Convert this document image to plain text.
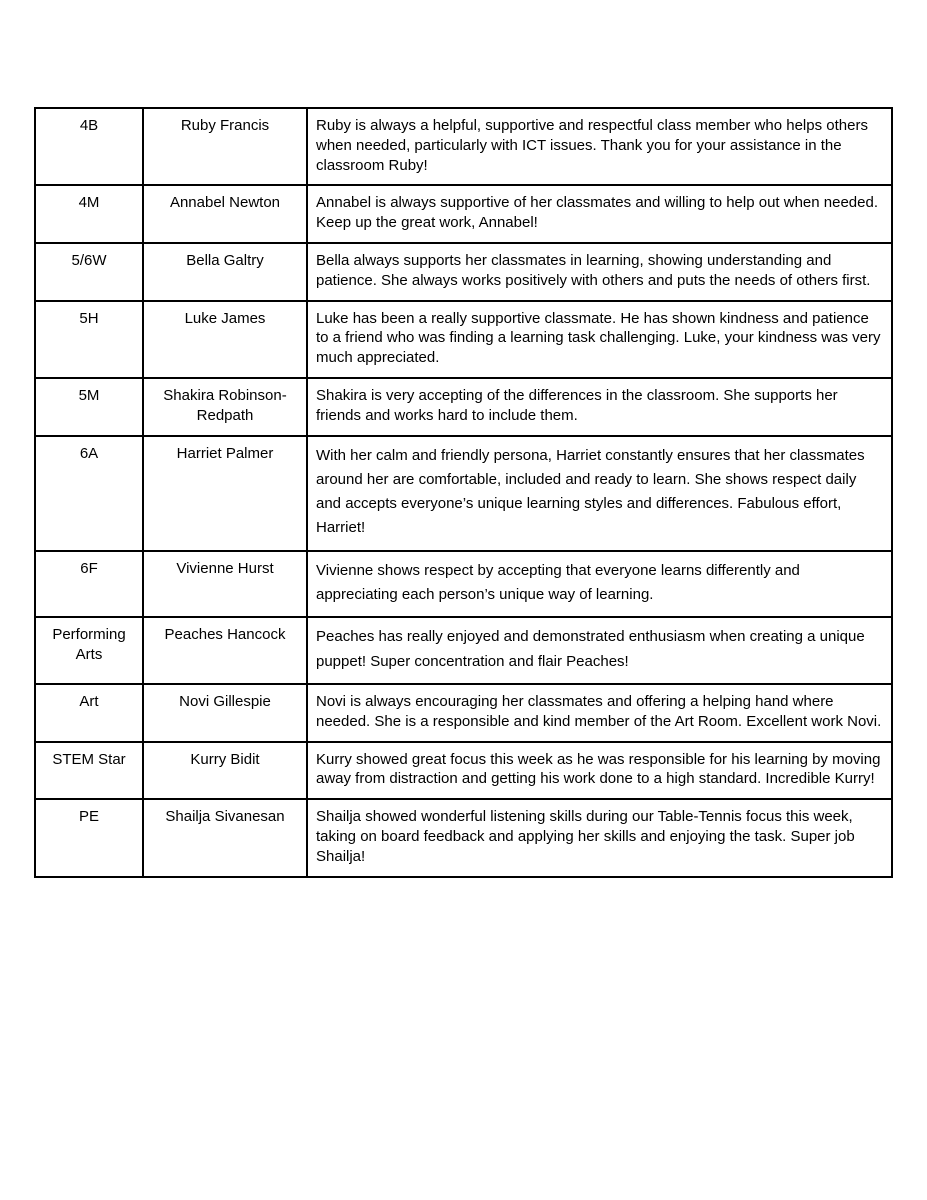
4B	Ruby Francis	Ruby is always a helpful, supportive and respectful class member who helps others when needed, particularly with ICT issues. Thank you for your assistance in the classroom Ruby!
4M	Annabel Newton	Annabel is always supportive of her classmates and willing to help out when needed. Keep up the great work, Annabel!
5/6W	Bella Galtry	Bella always supports her classmates in learning, showing understanding and patience. She always works positively with others and puts the needs of others first.
5H	Luke James	Luke has been a really supportive classmate. He has shown kindness and patience to a friend who was finding a learning task challenging. Luke, your kindness was very much appreciated.
5M	Shakira Robinson-Redpath	Shakira is very accepting of the differences in the classroom. She supports her friends and works hard to include them.
6A	Harriet Palmer	With her calm and friendly persona, Harriet constantly ensures that her classmates around her are comfortable, included and ready to learn. She shows respect daily and accepts everyone’s unique learning styles and differences. Fabulous effort, Harriet!
6F	Vivienne Hurst	Vivienne shows respect by accepting that everyone learns differently and appreciating each person’s unique way of learning.
Performing Arts	Peaches Hancock	Peaches has really enjoyed and demonstrated enthusiasm when creating a unique puppet! Super concentration and flair Peaches!
Art	Novi Gillespie	Novi is always encouraging her classmates and offering a helping hand where needed. She is a responsible and kind member of the Art Room. Excellent work Novi.
STEM Star	Kurry Bidit	Kurry showed great focus this week as he was responsible for his learning by moving away from distraction and getting his work done to a high standard. Incredible Kurry!
PE	Shailja Sivanesan	Shailja showed wonderful listening skills during our Table-Tennis focus this week, taking on board feedback and applying her skills and enjoying the task. Super job Shailja!
